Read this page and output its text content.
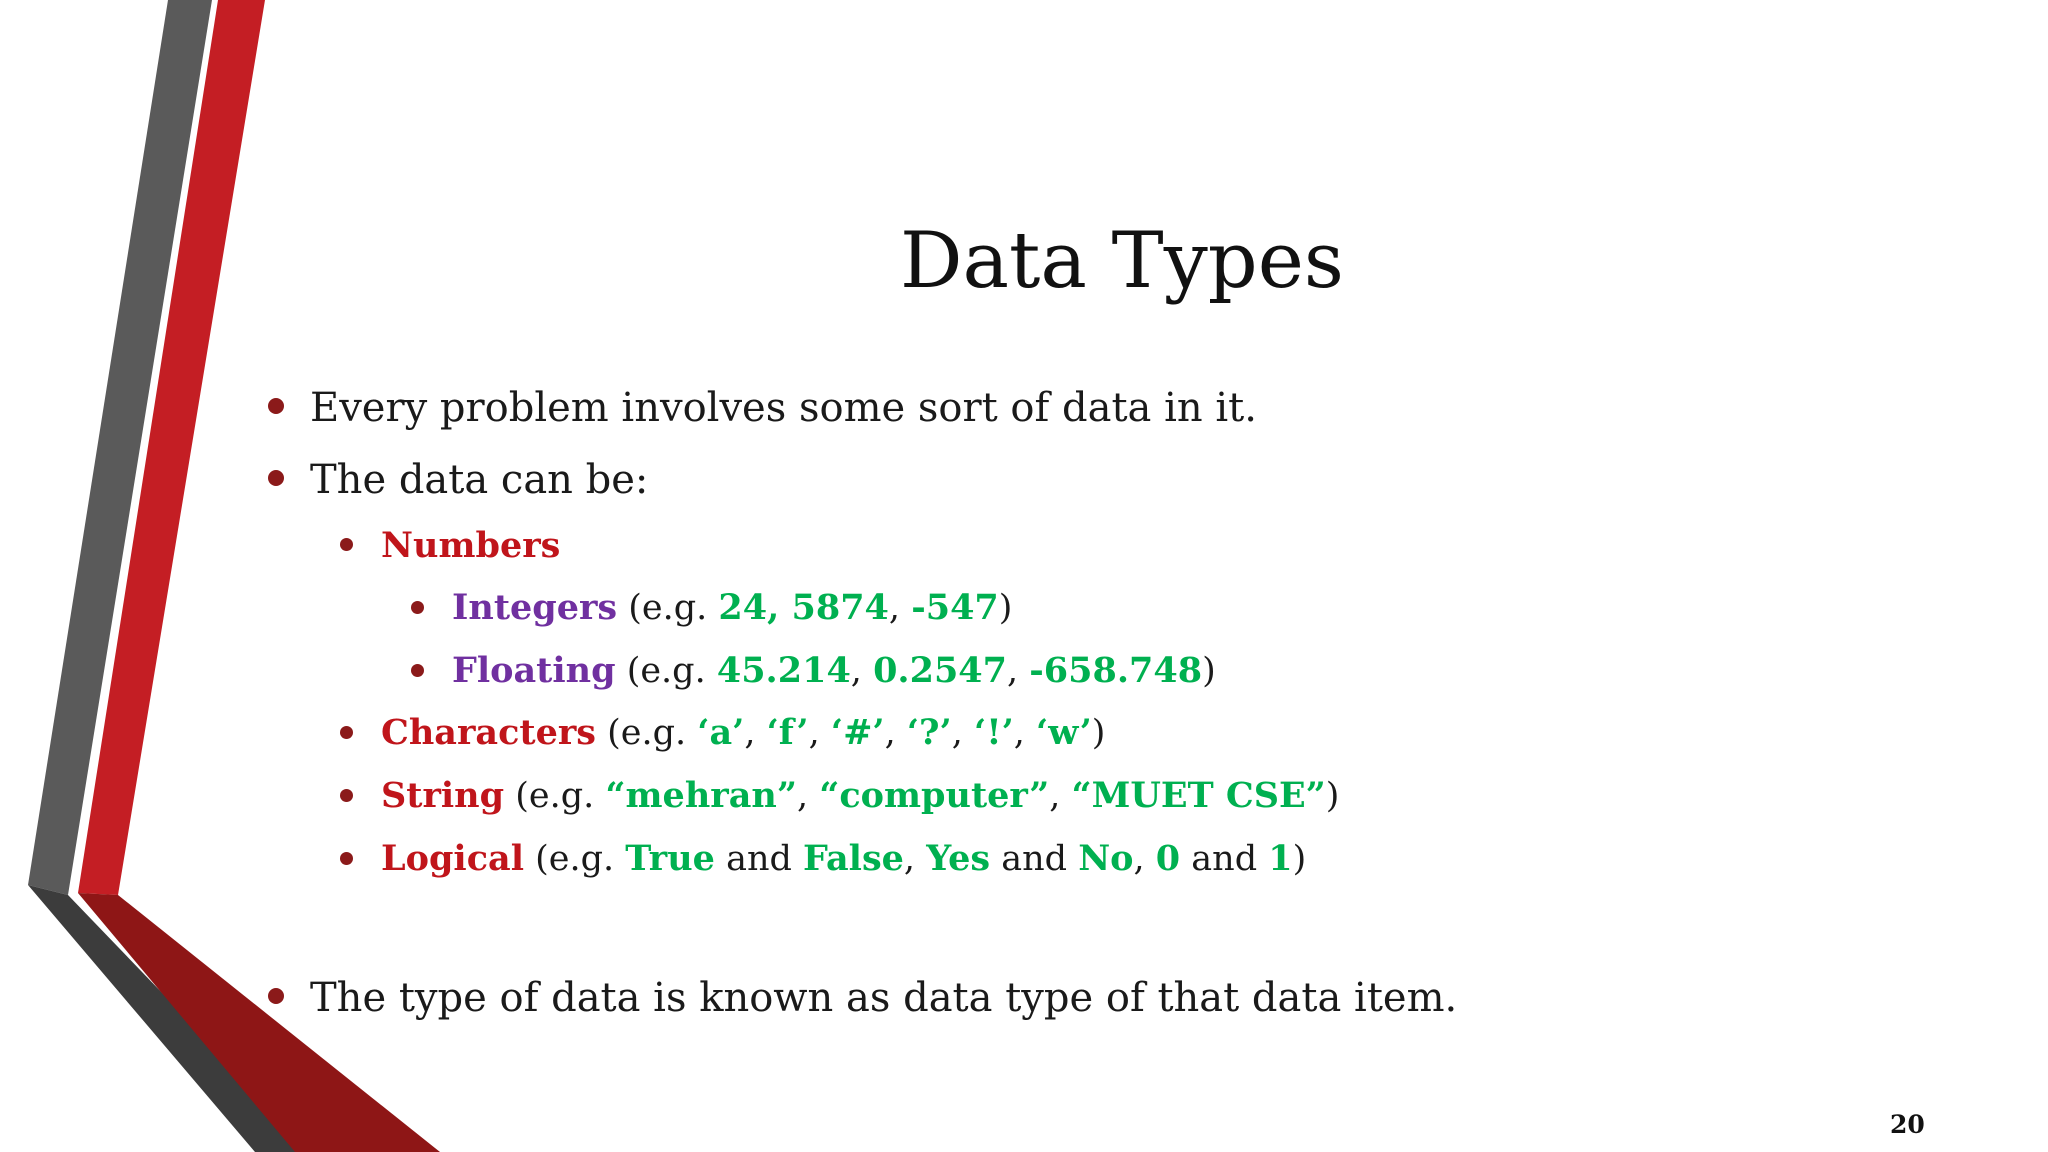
Data Types
Every problem involves some sort of data in it.
The data can be:
Numbers
Integers (e.g. 24, 5874, -547)
Floating (e.g. 45.214, 0.2547, -658.748)
Characters (e.g. ‘a’, ‘f’, ‘#’, ‘?’, ‘!’, ‘w’)
String (e.g. “mehran”, “computer”, “MUET CSE”)
Logical (e.g. True and False, Yes and No, 0 and 1)
The type of data is known as data type of that data item.
20
